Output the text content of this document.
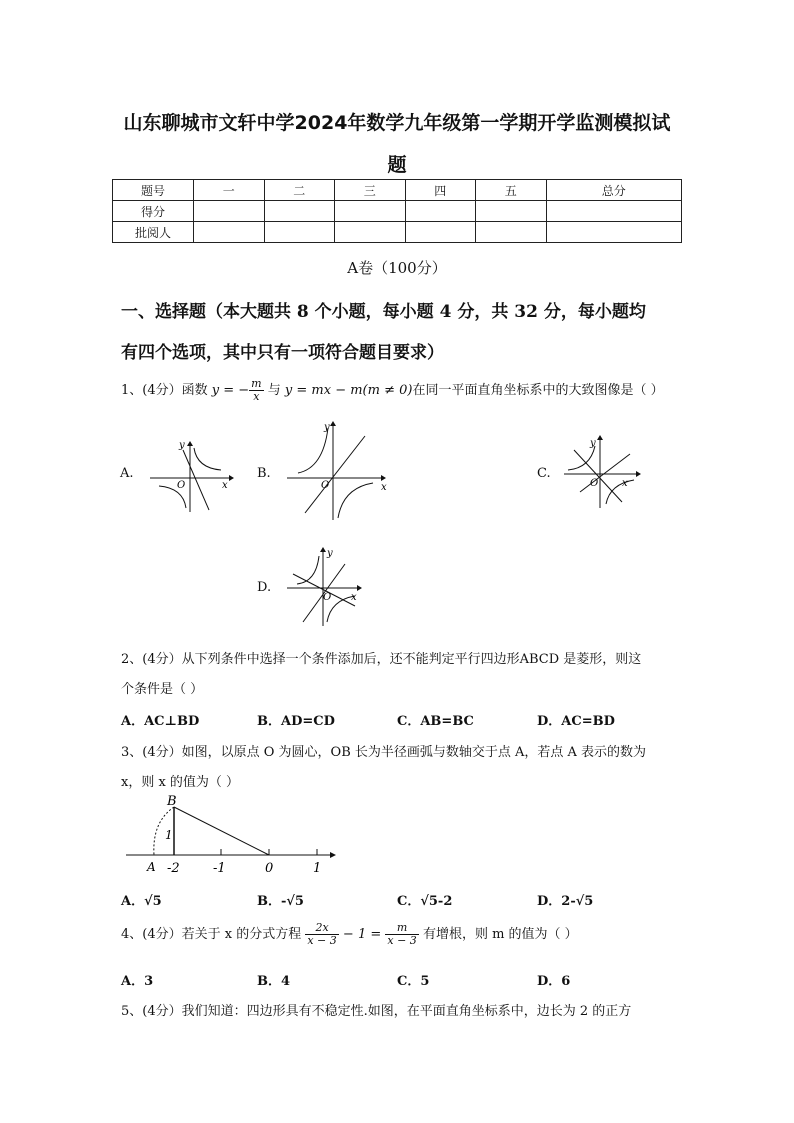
山东聊城市文轩中学2024年数学九年级第一学期开学监测模拟试
题
题号	一	二	三	四	五	总分
得分						
批阅人						
A卷（100分）
一、选择题（本大题共 8 个小题，每小题 4 分，共 32 分，每小题均
有四个选项，其中只有一项符合题目要求）
1、(4分）函数 y = − $\frac{m}{x}$ 与 y = mx − m(m ≠ 0)在同一平面直角坐标系中的大致图像是（ ）
A.	B.	C.
D.
y
x
O
y
x
O
y
x
O
y
x
O
2、(4分）从下列条件中选择一个条件添加后，还不能判定平行四边形ABCD 是菱形，则这
个条件是（ ）
A．AC⊥BD	B．AD=CD	C．AB=BC	D．AC=BD
3、(4分）如图，以原点 O 为圆心，OB 长为半径画弧与数轴交于点 A，若点 A 表示的数为
x，则 x 的值为（ ）
B
A
1
-2	-1	0	1
A．√5	B．-√5	C．√5-2	D．2-√5
4、(4分）若关于 x 的分式方程 $\frac{2x}{x - 3} - 1 = \frac{m}{x - 3}$ 有增根，则 m 的值为（ ）
A．3	B．4	C．5	D．6
5、(4分）我们知道：四边形具有不稳定性.如图，在平面直角坐标系中，边长为 2 的正方
